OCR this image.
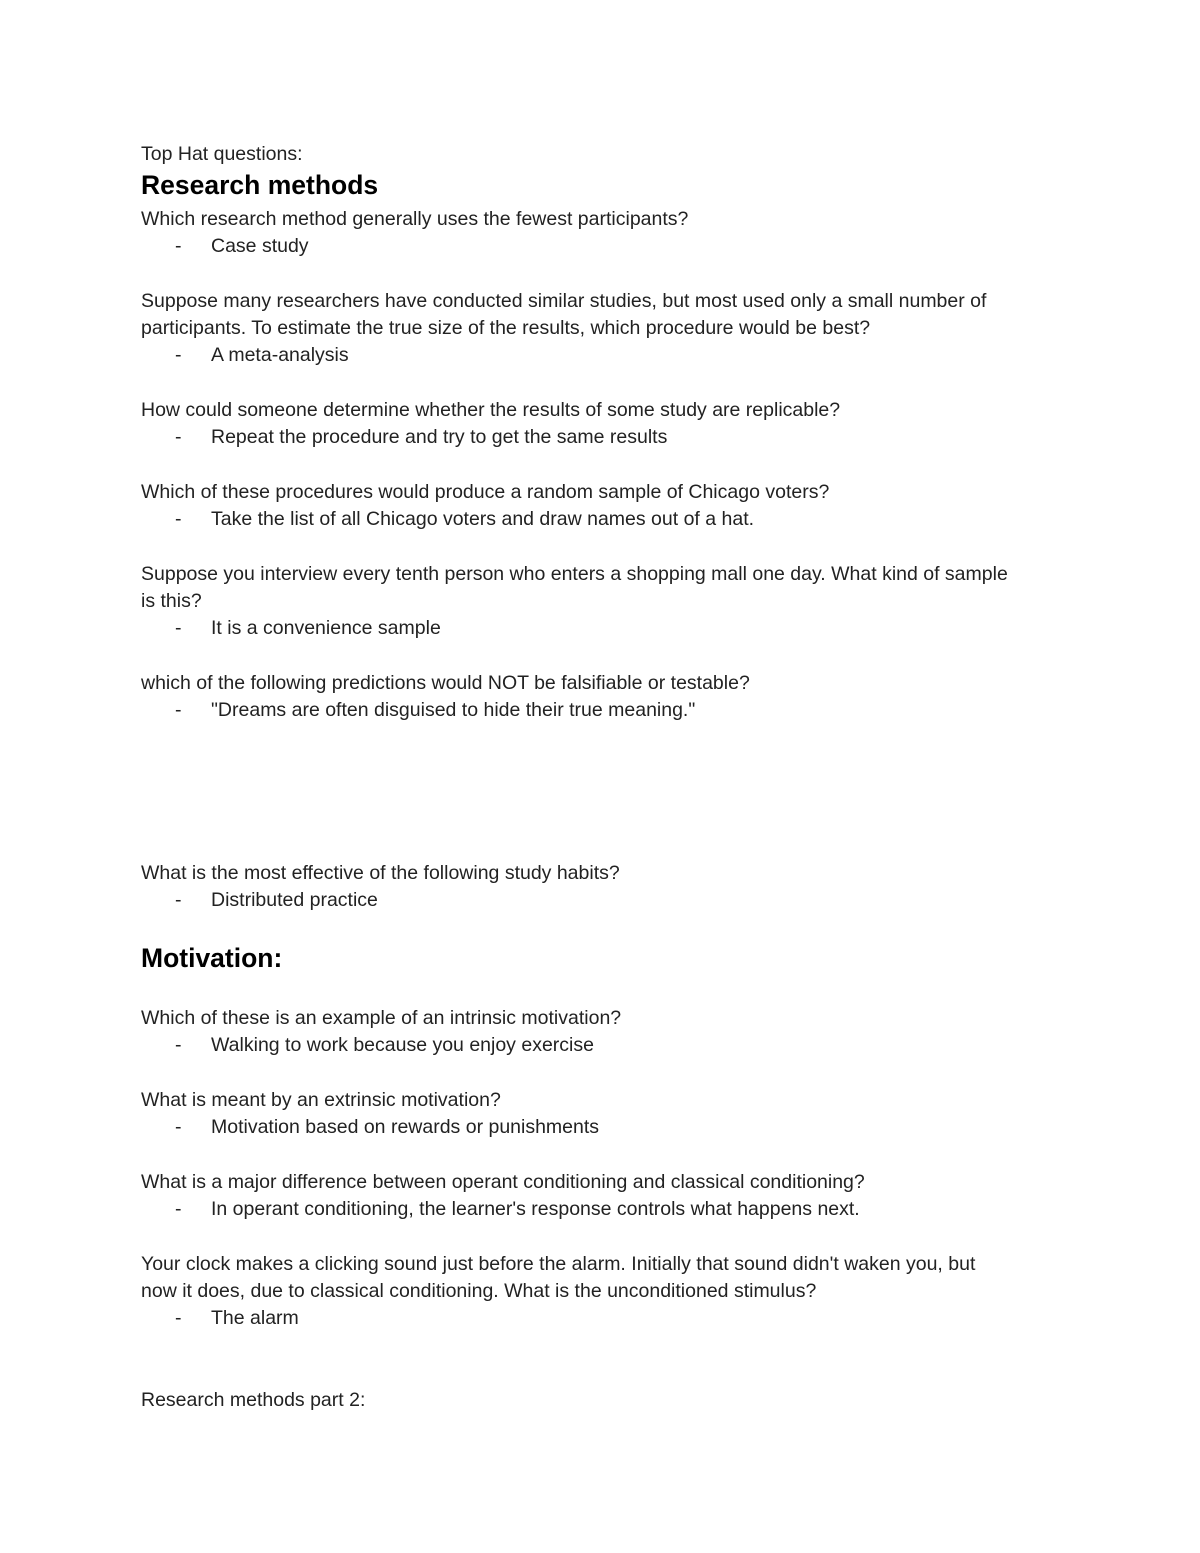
Top Hat questions:

Research methods

Which research method generally uses the fewest participants?

- Case study

Suppose many researchers have conducted similar studies, but most used only a small number of

participants. To estimate the true size of the results, which procedure would be best?

- A meta-analysis

How could someone determine whether the results of some study are replicable?

- Repeat the procedure and try to get the same results

Which of these procedures would produce a random sample of Chicago voters?

- Take the list of all Chicago voters and draw names out of a hat.

Suppose you interview every tenth person who enters a shopping mall one day. What kind of sample

is this?

- It is a convenience sample

which of the following predictions would NOT be falsifiable or testable?

- "Dreams are often disguised to hide their true meaning."

What is the most effective of the following study habits?

- Distributed practice

Motivation:

Which of these is an example of an intrinsic motivation?

- Walking to work because you enjoy exercise

What is meant by an extrinsic motivation?

- Motivation based on rewards or punishments

What is a major difference between operant conditioning and classical conditioning?

- In operant conditioning, the learner's response controls what happens next.

Your clock makes a clicking sound just before the alarm. Initially that sound didn't waken you, but

now it does, due to classical conditioning. What is the unconditioned stimulus?

- The alarm

Research methods part 2:
